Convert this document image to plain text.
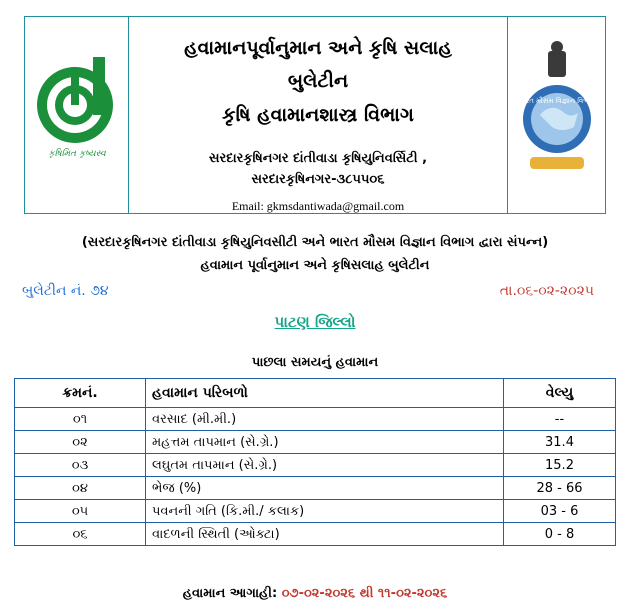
કૃષિમિત કૃષ્યસ્વ
હવામાનપૂર્વાનુમાન અને કૃષિ સલાહ
બુલેટીન
કૃષિ હવામાનશાસ્ત્ર વિભાગ
સરદારકૃષિનગર દાંતીવાડા કૃષિયુનિવર્સિટી , સરદારકૃષિનગર-૩૮૫૫૦૬
Email: gkmsdantiwada@gmail.com
ભારત મૌસમ વિજ્ઞાન વિભાગ
(સરદારકૃષિનગર દાંતીવાડા કૃષિયુનિવસીટી અને ભારત મૌસમ વિજ્ઞાન વિભાગ દ્વારા સંપન્ન)
હવામાન પૂર્વાનુમાન અને કૃષિસલાહ બુલેટીન
બુલેટીન નં. ૭૪	તા.૦૬-૦૨-૨૦૨૫
પાટણ જિલ્લો
પાછલા સમયનું હવામાન
ક્રમનં.	હવામાન પરિબળો	વેલ્યુ
૦૧	વરસાદ (મી.મી.)	--
૦૨	મહત્તમ તાપમાન (સે.ગ્રે.)	31.4
૦૩	લઘુતમ તાપમાન (સે.ગ્રે.)	15.2
૦૪	ભેજ (%)	28 - 66
૦૫	પવનની ગતિ (કિ.મી./ કલાક)	03 - 6
૦૬	વાદળની સ્થિતી (ઓક્ટા)	0 - 8
હવામાન આગાહી: ૦૭-૦૨-૨૦૨૬ થી ૧૧-૦૨-૨૦૨૬
